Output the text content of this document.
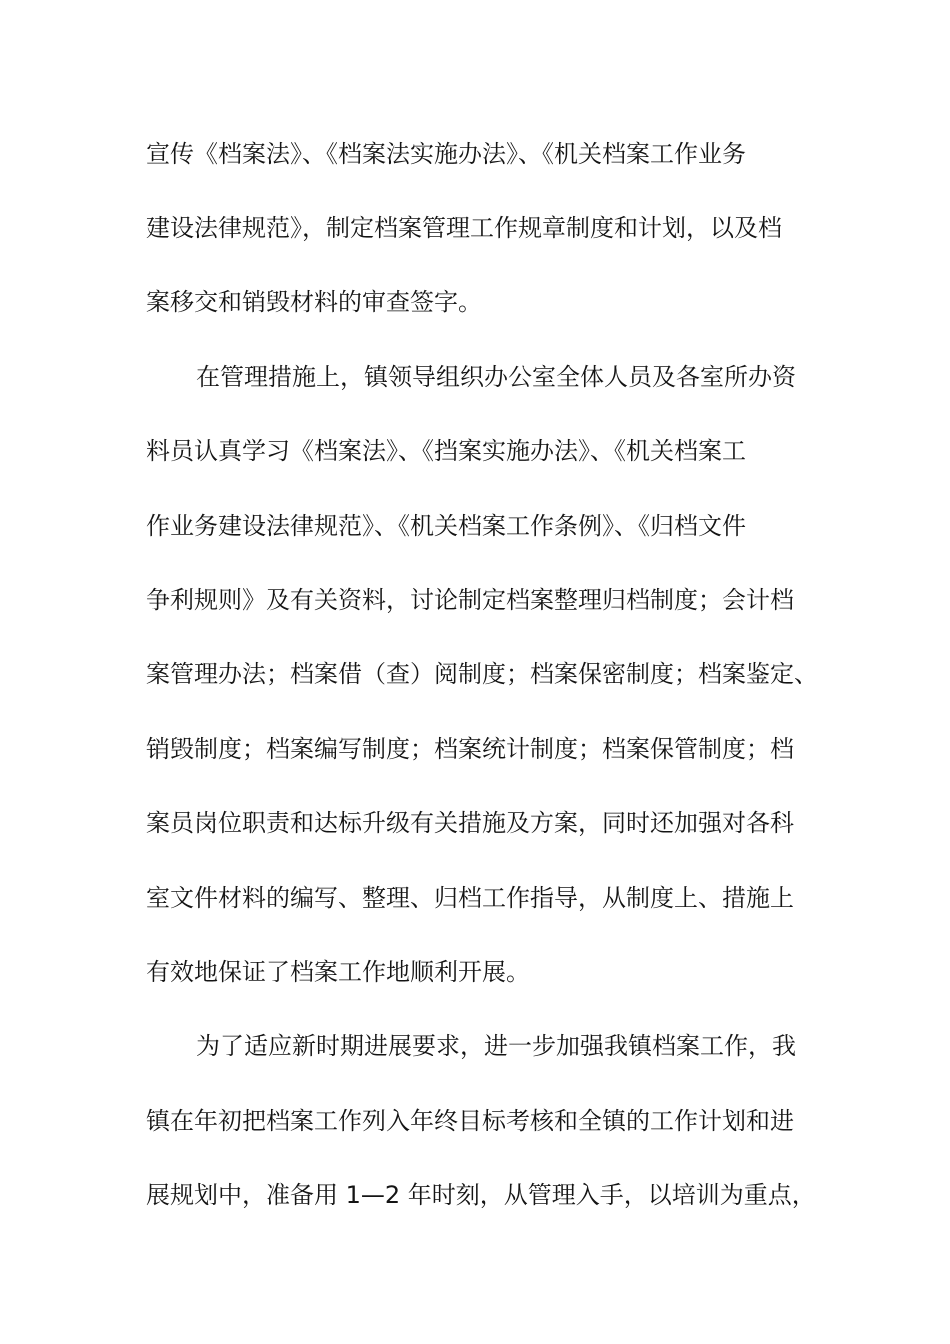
宣传《档案法》、《档案法实施办法》、《机关档案工作业务
建设法律规范》，制定档案管理工作规章制度和计划，以及档
案移交和销毁材料的审查签字。
在管理措施上，镇领导组织办公室全体人员及各室所办资
料员认真学习《档案法》、《挡案实施办法》、《机关档案工
作业务建设法律规范》、《机关档案工作条例》、《归档文件
争利规则》及有关资料，讨论制定档案整理归档制度；会计档
案管理办法；档案借（查）阅制度；档案保密制度；档案鉴定、
销毁制度；档案编写制度；档案统计制度；档案保管制度；档
案员岗位职责和达标升级有关措施及方案，同时还加强对各科
室文件材料的编写、整理、归档工作指导，从制度上、措施上
有效地保证了档案工作地顺利开展。
为了适应新时期进展要求，进一步加强我镇档案工作，我
镇在年初把档案工作列入年终目标考核和全镇的工作计划和进
展规划中，准备用 1—2 年时刻，从管理入手，以培训为重点，
